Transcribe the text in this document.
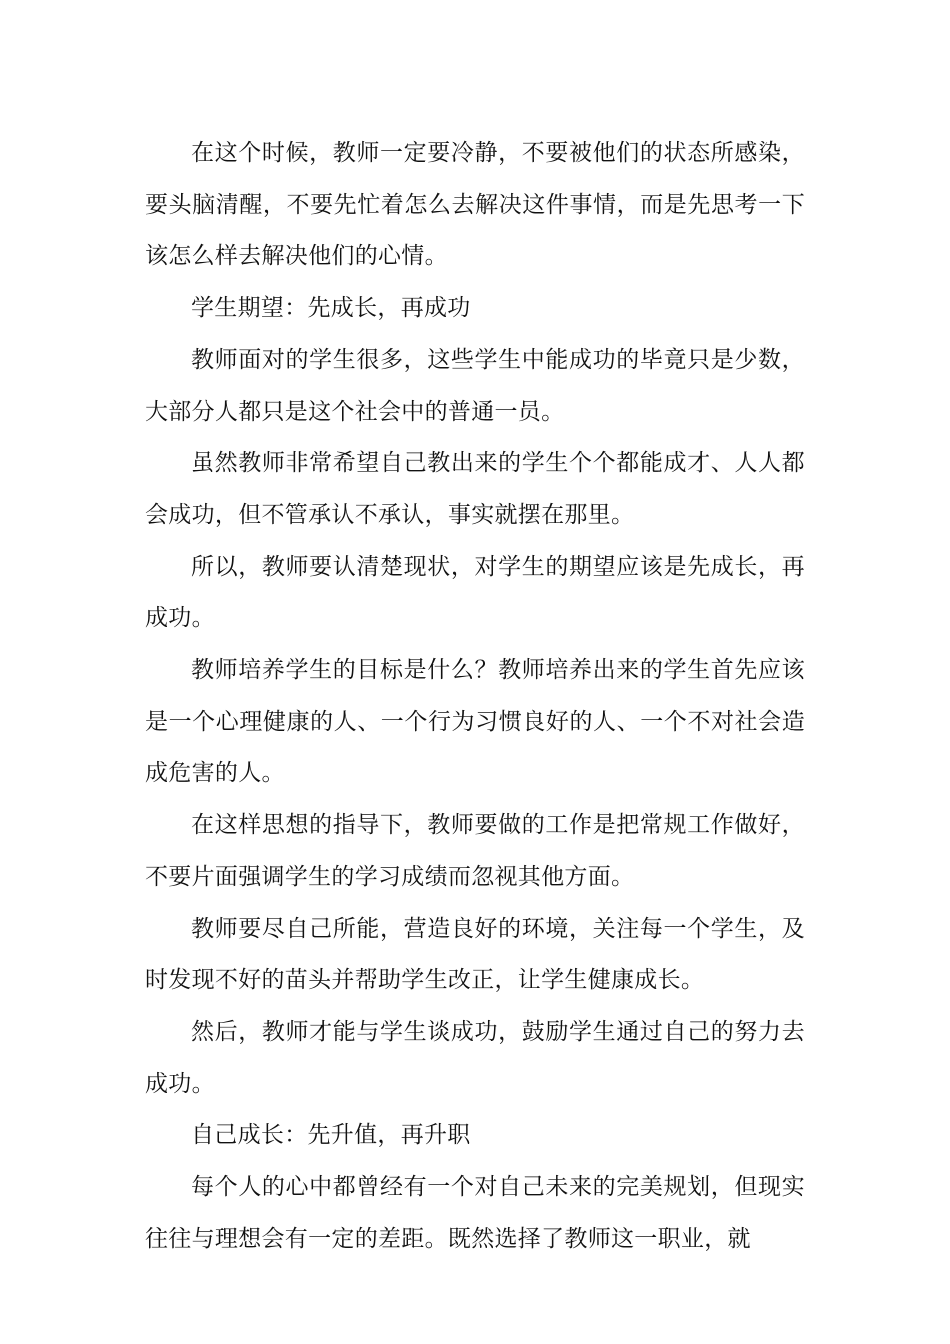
在这个时候，教师一定要冷静，不要被他们的状态所感染，要头脑清醒，不要先忙着怎么去解决这件事情，而是先思考一下该怎么样去解决他们的心情。

学生期望：先成长，再成功

教师面对的学生很多，这些学生中能成功的毕竟只是少数，大部分人都只是这个社会中的普通一员。

虽然教师非常希望自己教出来的学生个个都能成才、人人都会成功，但不管承认不承认，事实就摆在那里。

所以，教师要认清楚现状，对学生的期望应该是先成长，再成功。

教师培养学生的目标是什么？教师培养出来的学生首先应该是一个心理健康的人、一个行为习惯良好的人、一个不对社会造成危害的人。

在这样思想的指导下，教师要做的工作是把常规工作做好，不要片面强调学生的学习成绩而忽视其他方面。

教师要尽自己所能，营造良好的环境，关注每一个学生，及时发现不好的苗头并帮助学生改正，让学生健康成长。

然后，教师才能与学生谈成功，鼓励学生通过自己的努力去成功。

自己成长：先升值，再升职

每个人的心中都曾经有一个对自己未来的完美规划，但现实往往与理想会有一定的差距。既然选择了教师这一职业，就
